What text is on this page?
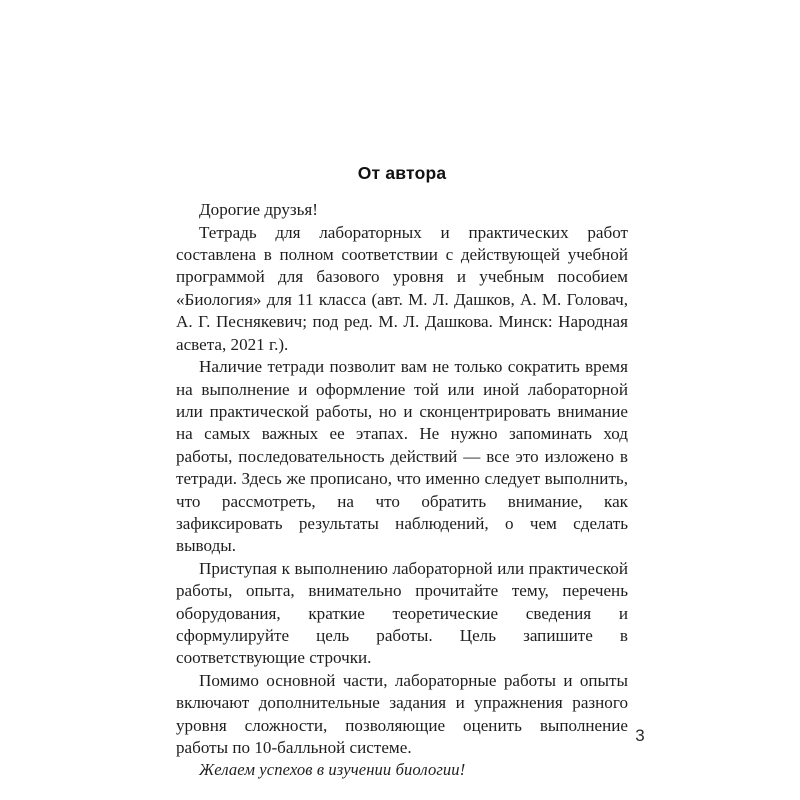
От автора

Дорогие друзья!

Тетрадь для лабораторных и практических работ составлена в полном соответствии с действующей учебной программой для базового уровня и учебным пособием «Биология» для 11 класса (авт. М. Л. Дашков, А. М. Головач, А. Г. Песнякевич; под ред. М. Л. Дашкова. Минск: Народная асвета, 2021 г.).

Наличие тетради позволит вам не только сократить время на выполнение и оформление той или иной лабораторной или практической работы, но и сконцентрировать внимание на самых важных ее этапах. Не нужно запоминать ход работы, последовательность действий — все это изложено в тетради. Здесь же прописано, что именно следует выполнить, что рассмотреть, на что обратить внимание, как зафиксировать результаты наблюдений, о чем сделать выводы.

Приступая к выполнению лабораторной или практической работы, опыта, внимательно прочитайте тему, перечень оборудования, краткие теоретические сведения и сформулируйте цель работы. Цель запишите в соответствующие строчки.

Помимо основной части, лабораторные работы и опыты включают дополнительные задания и упражнения разного уровня сложности, позволяющие оценить выполнение работы по 10-балльной системе.

Желаем успехов в изучении биологии!

3
